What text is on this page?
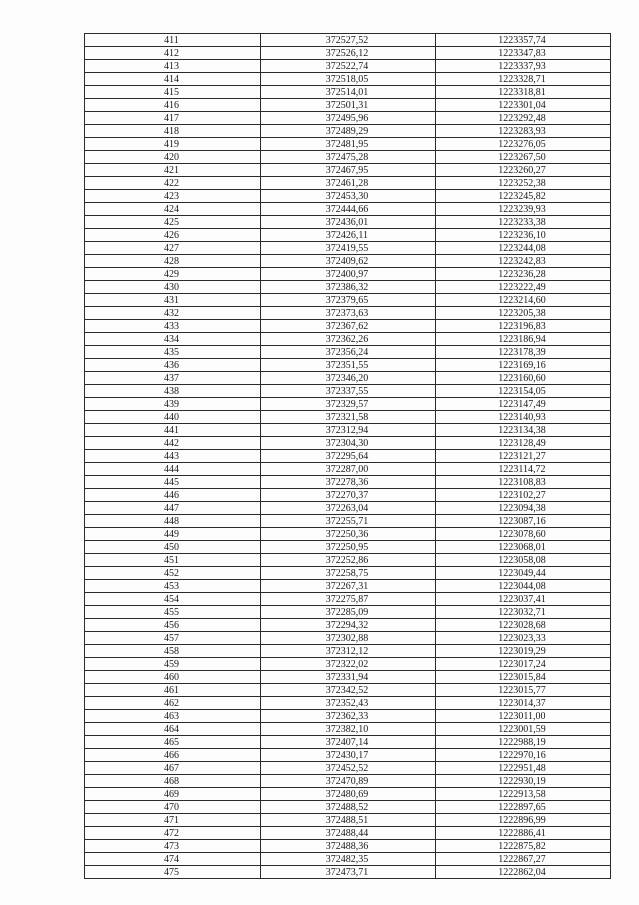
411	372527,52	1223357,74
412	372526,12	1223347,83
413	372522,74	1223337,93
414	372518,05	1223328,71
415	372514,01	1223318,81
416	372501,31	1223301,04
417	372495,96	1223292,48
418	372489,29	1223283,93
419	372481,95	1223276,05
420	372475,28	1223267,50
421	372467,95	1223260,27
422	372461,28	1223252,38
423	372453,30	1223245,82
424	372444,66	1223239,93
425	372436,01	1223233,38
426	372426,11	1223236,10
427	372419,55	1223244,08
428	372409,62	1223242,83
429	372400,97	1223236,28
430	372386,32	1223222,49
431	372379,65	1223214,60
432	372373,63	1223205,38
433	372367,62	1223196,83
434	372362,26	1223186,94
435	372356,24	1223178,39
436	372351,55	1223169,16
437	372346,20	1223160,60
438	372337,55	1223154,05
439	372329,57	1223147,49
440	372321,58	1223140,93
441	372312,94	1223134,38
442	372304,30	1223128,49
443	372295,64	1223121,27
444	372287,00	1223114,72
445	372278,36	1223108,83
446	372270,37	1223102,27
447	372263,04	1223094,38
448	372255,71	1223087,16
449	372250,36	1223078,60
450	372250,95	1223068,01
451	372252,86	1223058,08
452	372258,75	1223049,44
453	372267,31	1223044,08
454	372275,87	1223037,41
455	372285,09	1223032,71
456	372294,32	1223028,68
457	372302,88	1223023,33
458	372312,12	1223019,29
459	372322,02	1223017,24
460	372331,94	1223015,84
461	372342,52	1223015,77
462	372352,43	1223014,37
463	372362,33	1223011,00
464	372382,10	1223001,59
465	372407,14	1222988,19
466	372430,17	1222970,16
467	372452,52	1222951,48
468	372470,89	1222930,19
469	372480,69	1222913,58
470	372488,52	1222897,65
471	372488,51	1222896,99
472	372488,44	1222886,41
473	372488,36	1222875,82
474	372482,35	1222867,27
475	372473,71	1222862,04
